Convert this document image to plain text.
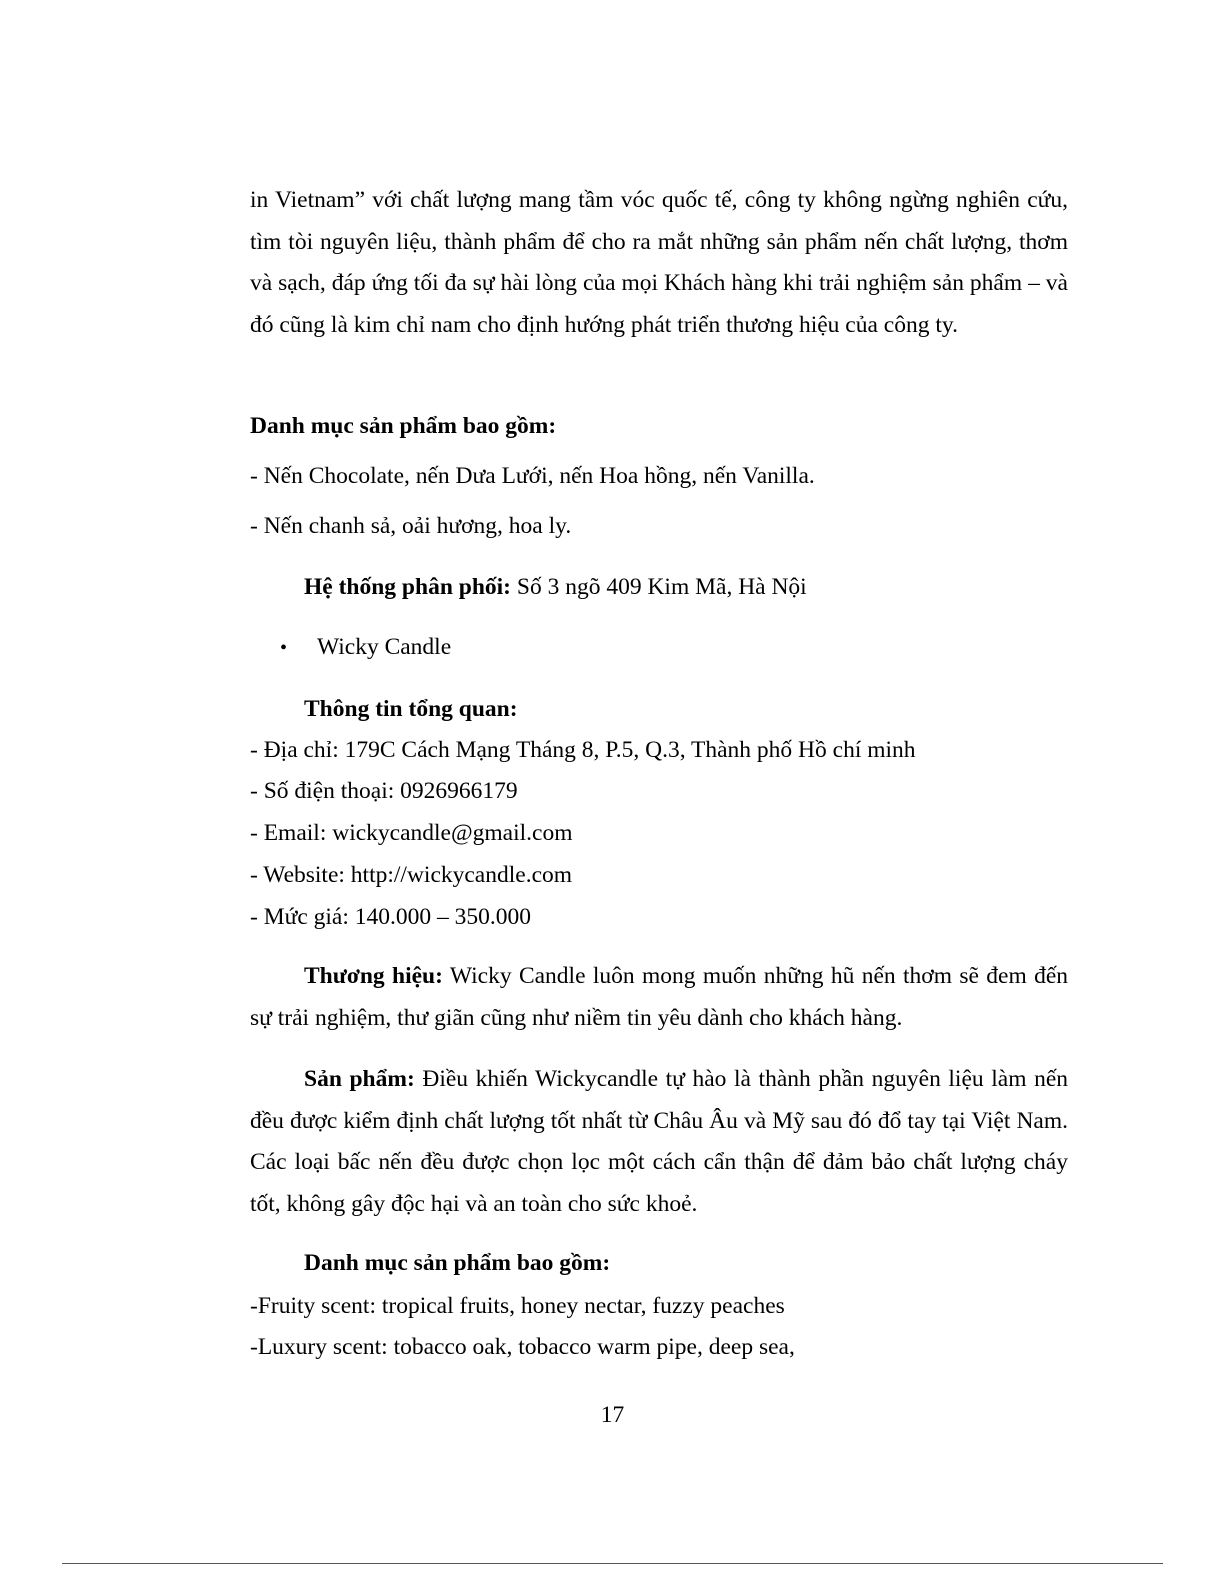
in Vietnam” với chất lượng mang tầm vóc quốc tế, công ty không ngừng nghiên cứu, tìm tòi nguyên liệu, thành phẩm để cho ra mắt những sản phẩm nến chất lượng, thơm và sạch, đáp ứng tối đa sự hài lòng của mọi Khách hàng khi trải nghiệm sản phẩm – và đó cũng là kim chỉ nam cho định hướng phát triển thương hiệu của công ty.

Danh mục sản phẩm bao gồm:
- Nến Chocolate, nến Dưa Lưới, nến Hoa hồng, nến Vanilla.
- Nến chanh sả, oải hương, hoa ly.
Hệ thống phân phối: Số 3 ngõ 409 Kim Mã, Hà Nội
• Wicky Candle
Thông tin tổng quan:
- Địa chỉ: 179C Cách Mạng Tháng 8, P.5, Q.3, Thành phố Hồ chí minh
- Số điện thoại: 0926966179
- Email: wickycandle@gmail.com
- Website: http://wickycandle.com
- Mức giá: 140.000 – 350.000

Thương hiệu: Wicky Candle luôn mong muốn những hũ nến thơm sẽ đem đến sự trải nghiệm, thư giãn cũng như niềm tin yêu dành cho khách hàng.

Sản phẩm: Điều khiến Wickycandle tự hào là thành phần nguyên liệu làm nến đều được kiểm định chất lượng tốt nhất từ Châu Âu và Mỹ sau đó đổ tay tại Việt Nam. Các loại bấc nến đều được chọn lọc một cách cẩn thận để đảm bảo chất lượng cháy tốt, không gây độc hại và an toàn cho sức khoẻ.

Danh mục sản phẩm bao gồm:
-Fruity scent: tropical fruits, honey nectar, fuzzy peaches
-Luxury scent: tobacco oak, tobacco warm pipe, deep sea,
17
